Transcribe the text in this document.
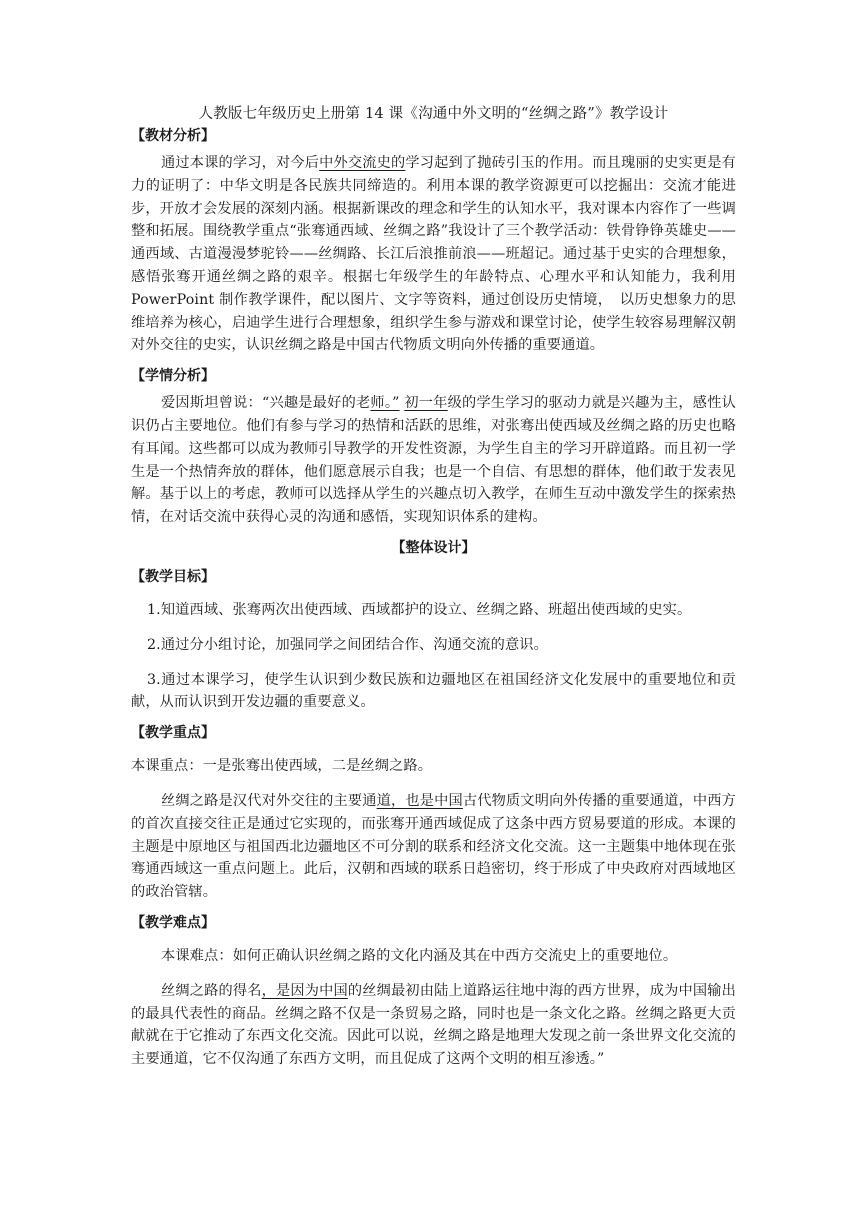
人教版七年级历史上册第 14 课《沟通中外文明的“丝绸之路”》教学设计
【教材分析】

通过本课的学习，对今后中外交流史的学习起到了抛砖引玉的作用。而且瑰丽的史实更是有力的证明了：中华文明是各民族共同缔造的。利用本课的教学资源更可以挖掘出：交流才能进步，开放才会发展的深刻内涵。根据新课改的理念和学生的认知水平，我对课本内容作了一些调整和拓展。围绕教学重点“张骞通西域、丝绸之路”我设计了三个教学活动：铁骨铮铮英雄史——通西域、古道漫漫梦驼铃——丝绸路、长江后浪推前浪——班超记。通过基于史实的合理想象，感悟张骞开通丝绸之路的艰辛。根据七年级学生的年龄特点、心理水平和认知能力，我利用 PowerPoint 制作教学课件，配以图片、文字等资料，通过创设历史情境，　以历史想象力的思维培养为核心，启迪学生进行合理想象，组织学生参与游戏和课堂讨论，使学生较容易理解汉朝对外交往的史实，认识丝绸之路是中国古代物质文明向外传播的重要通道。

【学情分析】

爱因斯坦曾说：“兴趣是最好的老师。” 初一年级的学生学习的驱动力就是兴趣为主，感性认识仍占主要地位。他们有参与学习的热情和活跃的思维，对张骞出使西域及丝绸之路的历史也略有耳闻。这些都可以成为教师引导教学的开发性资源，为学生自主的学习开辟道路。而且初一学生是一个热情奔放的群体，他们愿意展示自我；也是一个自信、有思想的群体，他们敢于发表见解。基于以上的考虑，教师可以选择从学生的兴趣点切入教学，在师生互动中激发学生的探索热情，在对话交流中获得心灵的沟通和感悟，实现知识体系的建构。

【整体设计】
【教学目标】

1.知道西域、张骞两次出使西域、西域都护的设立、丝绸之路、班超出使西域的史实。

2.通过分小组讨论，加强同学之间团结合作、沟通交流的意识。

3.通过本课学习，使学生认识到少数民族和边疆地区在祖国经济文化发展中的重要地位和贡献，从而认识到开发边疆的重要意义。

【教学重点】

本课重点：一是张骞出使西域，二是丝绸之路。

丝绸之路是汉代对外交往的主要通道，也是中国古代物质文明向外传播的重要通道，中西方的首次直接交往正是通过它实现的，而张骞开通西域促成了这条中西方贸易要道的形成。本课的主题是中原地区与祖国西北边疆地区不可分割的联系和经济文化交流。这一主题集中地体现在张骞通西域这一重点问题上。此后，汉朝和西域的联系日趋密切，终于形成了中央政府对西域地区的政治管辖。

【教学难点】

本课难点：如何正确认识丝绸之路的文化内涵及其在中西方交流史上的重要地位。

丝绸之路的得名，是因为中国的丝绸最初由陆上道路运往地中海的西方世界，成为中国输出的最具代表性的商品。丝绸之路不仅是一条贸易之路，同时也是一条文化之路。丝绸之路更大贡献就在于它推动了东西文化交流。因此可以说，丝绸之路是地理大发现之前一条世界文化交流的主要通道，它不仅沟通了东西方文明，而且促成了这两个文明的相互渗透。”
